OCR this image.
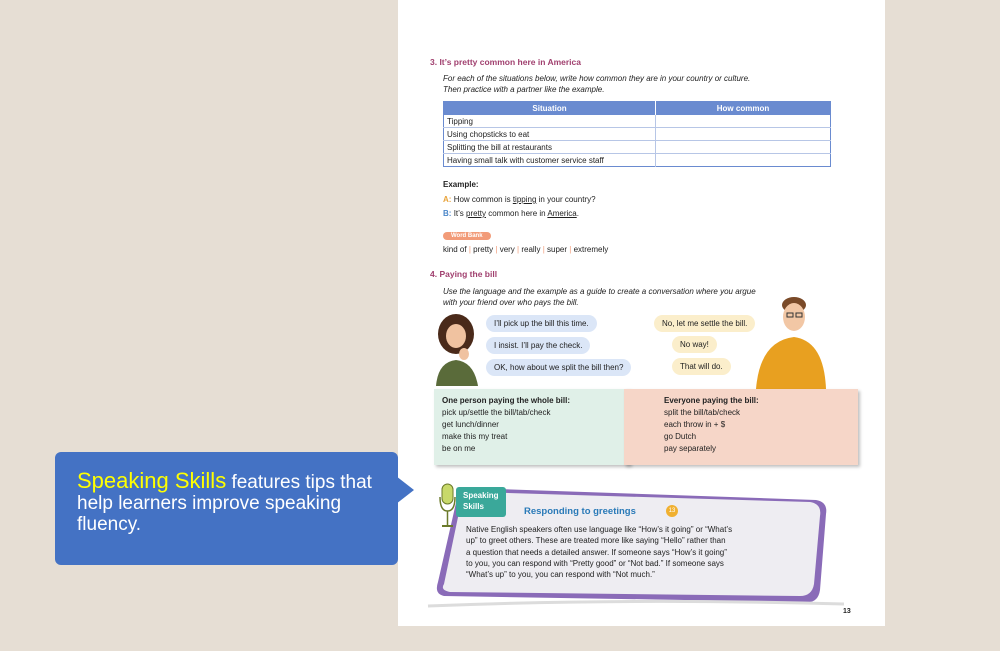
3. It’s pretty common here in America
For each of the situations below, write how common they are in your country or culture.
Then practice with a partner like the example.
Situation	How common
Tipping	
Using chopsticks to eat	
Splitting the bill at restaurants	
Having small talk with customer service staff	
Example:
A: How common is tipping in your country?
B: It’s pretty common here in America.
Word Bank
kind of | pretty | very | really | super | extremely
4. Paying the bill
Use the language and the example as a guide to create a conversation where you argue
with your friend over who pays the bill.
I’ll pick up the bill this time.
I insist. I’ll pay the check.
OK, how about we split the bill then?
No, let me settle the bill.
No way!
That will do.
One person paying the whole bill:
pick up/settle the bill/tab/check
get lunch/dinner
make this my treat
be on me
Everyone paying the bill:
split the bill/tab/check
each throw in + $
go Dutch
pay separately
Speaking
Skills	Responding to greetings	13
Native English speakers often use language like “How’s it going” or “What’s
up” to greet others. These are treated more like saying “Hello” rather than
a question that needs a detailed answer. If someone says “How’s it going”
to you, you can respond with “Pretty good” or “Not bad.” If someone says
“What’s up” to you, you can respond with “Not much.”
13
Speaking Skills features tips that help learners improve speaking fluency.
